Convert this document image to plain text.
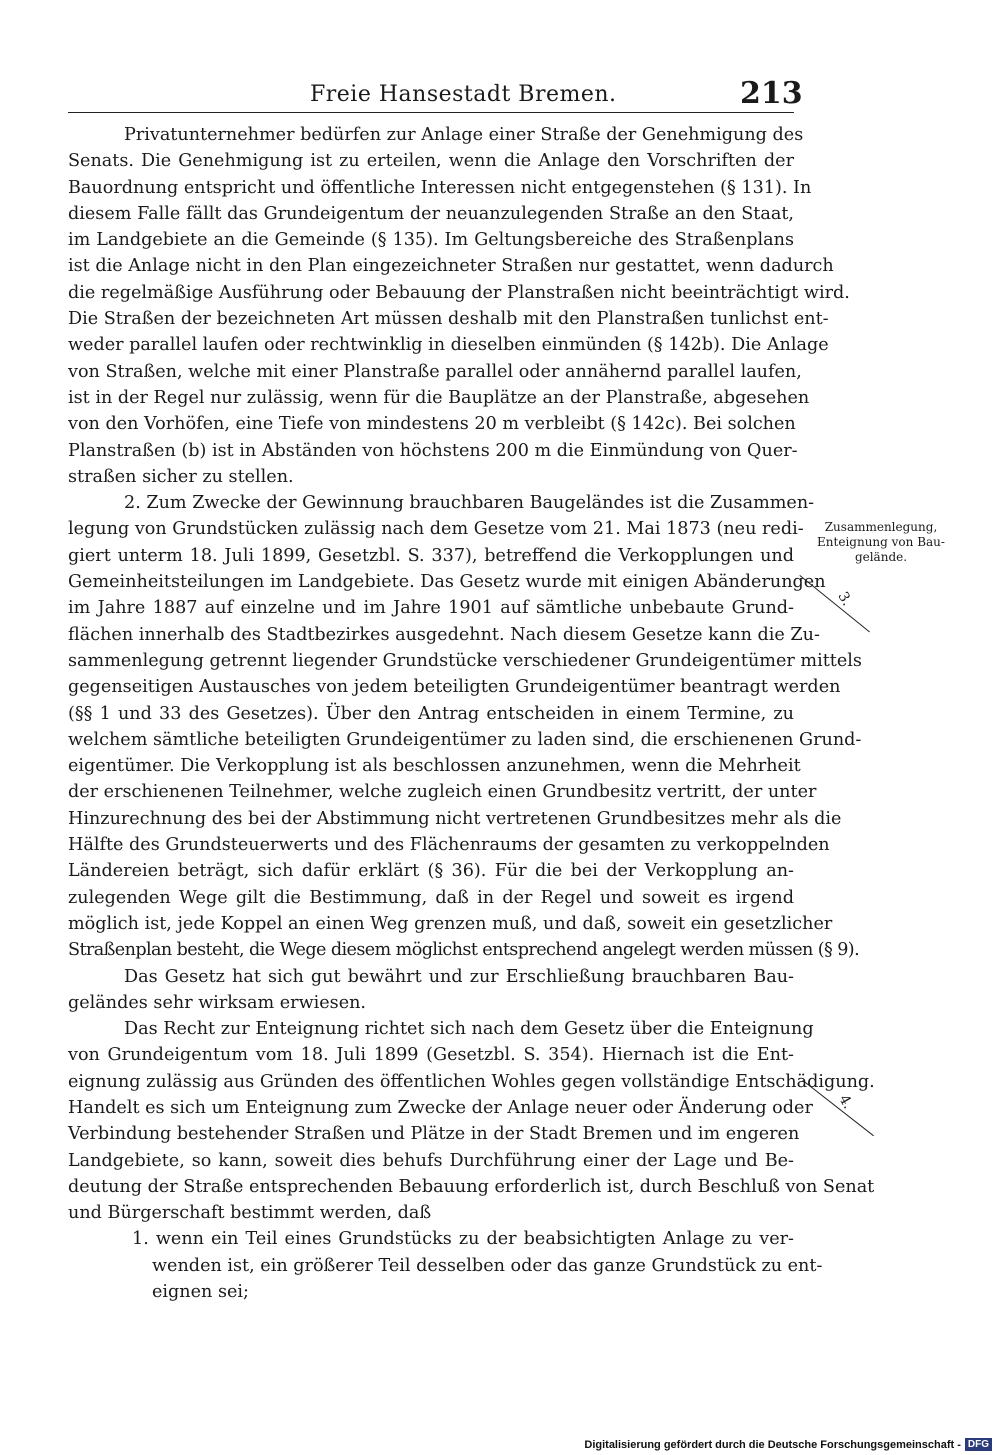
Freie Hansestadt Bremen.	213
Privatunternehmer bedürfen zur Anlage einer Straße der Genehmigung des
Senats. Die Genehmigung ist zu erteilen, wenn die Anlage den Vorschriften der
Bauordnung entspricht und öffentliche Interessen nicht entgegenstehen (§ 131). In
diesem Falle fällt das Grundeigentum der neuanzulegenden Straße an den Staat,
im Landgebiete an die Gemeinde (§ 135). Im Geltungsbereiche des Straßenplans
ist die Anlage nicht in den Plan eingezeichneter Straßen nur gestattet, wenn dadurch
die regelmäßige Ausführung oder Bebauung der Planstraßen nicht beeinträchtigt wird.
Die Straßen der bezeichneten Art müssen deshalb mit den Planstraßen tunlichst ent-
weder parallel laufen oder rechtwinklig in dieselben einmünden (§ 142b). Die Anlage
von Straßen, welche mit einer Planstraße parallel oder annähernd parallel laufen,
ist in der Regel nur zulässig, wenn für die Bauplätze an der Planstraße, abgesehen
von den Vorhöfen, eine Tiefe von mindestens 20 m verbleibt (§ 142c). Bei solchen
Planstraßen (b) ist in Abständen von höchstens 200 m die Einmündung von Quer-
straßen sicher zu stellen.
2. Zum Zwecke der Gewinnung brauchbaren Baugeländes ist die Zusammen-
legung von Grundstücken zulässig nach dem Gesetze vom 21. Mai 1873 (neu redi-
giert unterm 18. Juli 1899, Gesetzbl. S. 337), betreffend die Verkopplungen und
Gemeinheitsteilungen im Landgebiete. Das Gesetz wurde mit einigen Abänderungen
im Jahre 1887 auf einzelne und im Jahre 1901 auf sämtliche unbebaute Grund-
flächen innerhalb des Stadtbezirkes ausgedehnt. Nach diesem Gesetze kann die Zu-
sammenlegung getrennt liegender Grundstücke verschiedener Grundeigentümer mittels
gegenseitigen Austausches von jedem beteiligten Grundeigentümer beantragt werden
(§§ 1 und 33 des Gesetzes). Über den Antrag entscheiden in einem Termine, zu
welchem sämtliche beteiligten Grundeigentümer zu laden sind, die erschienenen Grund-
eigentümer. Die Verkopplung ist als beschlossen anzunehmen, wenn die Mehrheit
der erschienenen Teilnehmer, welche zugleich einen Grundbesitz vertritt, der unter
Hinzurechnung des bei der Abstimmung nicht vertretenen Grundbesitzes mehr als die
Hälfte des Grundsteuerwerts und des Flächenraums der gesamten zu verkoppelnden
Ländereien beträgt, sich dafür erklärt (§ 36). Für die bei der Verkopplung an-
zulegenden Wege gilt die Bestimmung, daß in der Regel und soweit es irgend
möglich ist, jede Koppel an einen Weg grenzen muß, und daß, soweit ein gesetzlicher
Straßenplan besteht, die Wege diesem möglichst entsprechend angelegt werden müssen (§ 9).
Das Gesetz hat sich gut bewährt und zur Erschließung brauchbaren Bau-
geländes sehr wirksam erwiesen.
Das Recht zur Enteignung richtet sich nach dem Gesetz über die Enteignung
von Grundeigentum vom 18. Juli 1899 (Gesetzbl. S. 354). Hiernach ist die Ent-
eignung zulässig aus Gründen des öffentlichen Wohles gegen vollständige Entschädigung.
Handelt es sich um Enteignung zum Zwecke der Anlage neuer oder Änderung oder
Verbindung bestehender Straßen und Plätze in der Stadt Bremen und im engeren
Landgebiete, so kann, soweit dies behufs Durchführung einer der Lage und Be-
deutung der Straße entsprechenden Bebauung erforderlich ist, durch Beschluß von Senat
und Bürgerschaft bestimmt werden, daß
1. wenn ein Teil eines Grundstücks zu der beabsichtigten Anlage zu ver-
wenden ist, ein größerer Teil desselben oder das ganze Grundstück zu ent-
eignen sei;
Zusammenlegung,
Enteignung von Bau-
gelände.
3.
4.
Digitalisierung gefördert durch die Deutsche Forschungsgemeinschaft - DFG
